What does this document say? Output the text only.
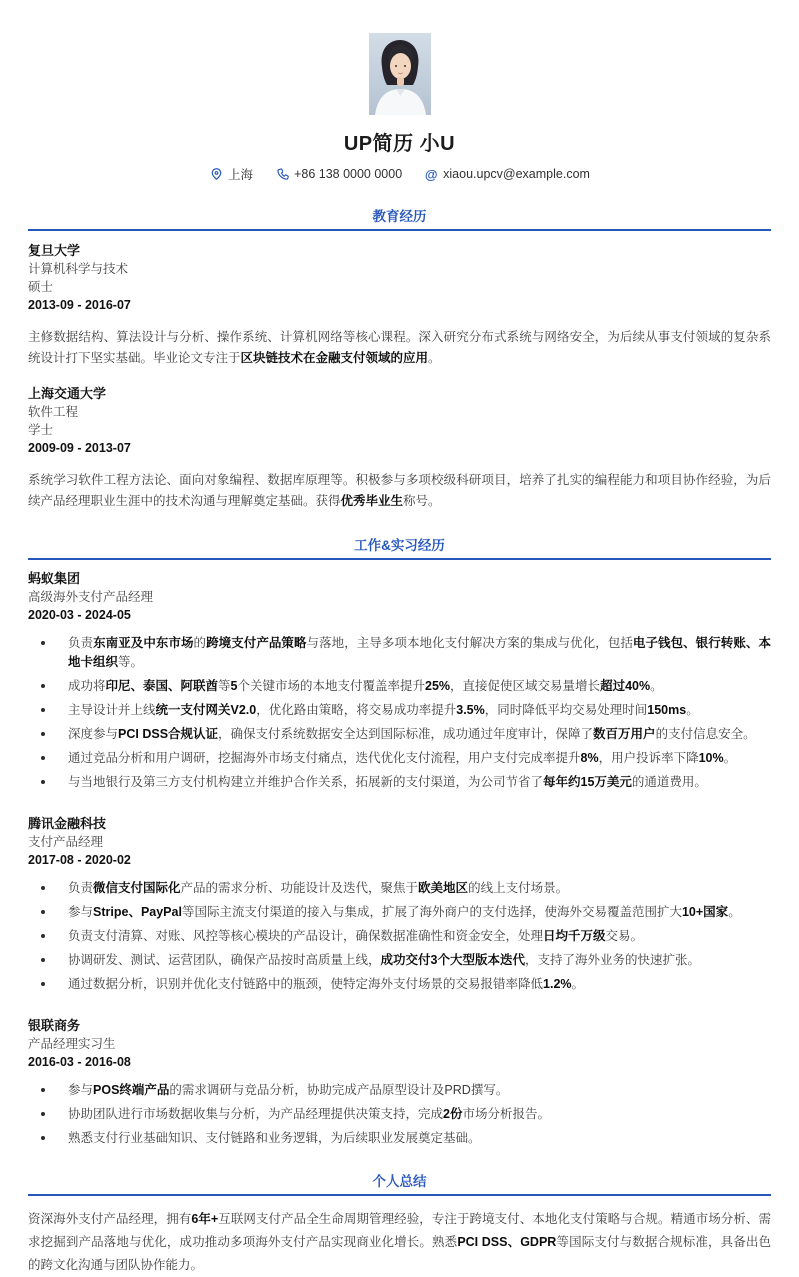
UP简历 小U
上海	+86 138 0000 0000 @ xiaou.upcv@example.com
教育经历
复旦大学
计算机科学与技术
硕士
2013-09 - 2016-07

主修数据结构、算法设计与分析、操作系统、计算机网络等核心课程。深入研究分布式系统与网络安全，为后续从事支付领域的复杂系统设计打下坚实基础。毕业论文专注于区块链技术在金融支付领域的应用。

上海交通大学
软件工程
学士
2009-09 - 2013-07

系统学习软件工程方法论、面向对象编程、数据库原理等。积极参与多项校级科研项目，培养了扎实的编程能力和项目协作经验，为后续产品经理职业生涯中的技术沟通与理解奠定基础。获得优秀毕业生称号。

工作&实习经历
蚂蚁集团
高级海外支付产品经理
2020-03 - 2024-05
负责东南亚及中东市场的跨境支付产品策略与落地，主导多项本地化支付解决方案的集成与优化，包括电子钱包、银行转账、本地卡组织等。
成功将印尼、泰国、阿联酋等5个关键市场的本地支付覆盖率提升25%，直接促使区域交易量增长超过40%。
主导设计并上线统一支付网关V2.0，优化路由策略，将交易成功率提升3.5%，同时降低平均交易处理时间150ms。
深度参与PCI DSS合规认证，确保支付系统数据安全达到国际标准，成功通过年度审计，保障了数百万用户的支付信息安全。
通过竞品分析和用户调研，挖掘海外市场支付痛点，迭代优化支付流程，用户支付完成率提升8%，用户投诉率下降10%。
与当地银行及第三方支付机构建立并维护合作关系，拓展新的支付渠道，为公司节省了每年约15万美元的通道费用。
腾讯金融科技
支付产品经理
2017-08 - 2020-02
负责微信支付国际化产品的需求分析、功能设计及迭代，聚焦于欧美地区的线上支付场景。
参与Stripe、PayPal等国际主流支付渠道的接入与集成，扩展了海外商户的支付选择，使海外交易覆盖范围扩大10+国家。
负责支付清算、对账、风控等核心模块的产品设计，确保数据准确性和资金安全，处理日均千万级交易。
协调研发、测试、运营团队，确保产品按时高质量上线，成功交付3个大型版本迭代，支持了海外业务的快速扩张。
通过数据分析，识别并优化支付链路中的瓶颈，使特定海外支付场景的交易报错率降低1.2%。
银联商务
产品经理实习生
2016-03 - 2016-08
参与POS终端产品的需求调研与竞品分析，协助完成产品原型设计及PRD撰写。
协助团队进行市场数据收集与分析，为产品经理提供决策支持，完成2份市场分析报告。
熟悉支付行业基础知识、支付链路和业务逻辑，为后续职业发展奠定基础。
个人总结

资深海外支付产品经理，拥有6年+互联网支付产品全生命周期管理经验，专注于跨境支付、本地化支付策略与合规。精通市场分析、需求挖掘到产品落地与优化，成功推动多项海外支付产品实现商业化增长。熟悉PCI DSS、GDPR等国际支付与数据合规标准，具备出色的跨文化沟通与团队协作能力。
